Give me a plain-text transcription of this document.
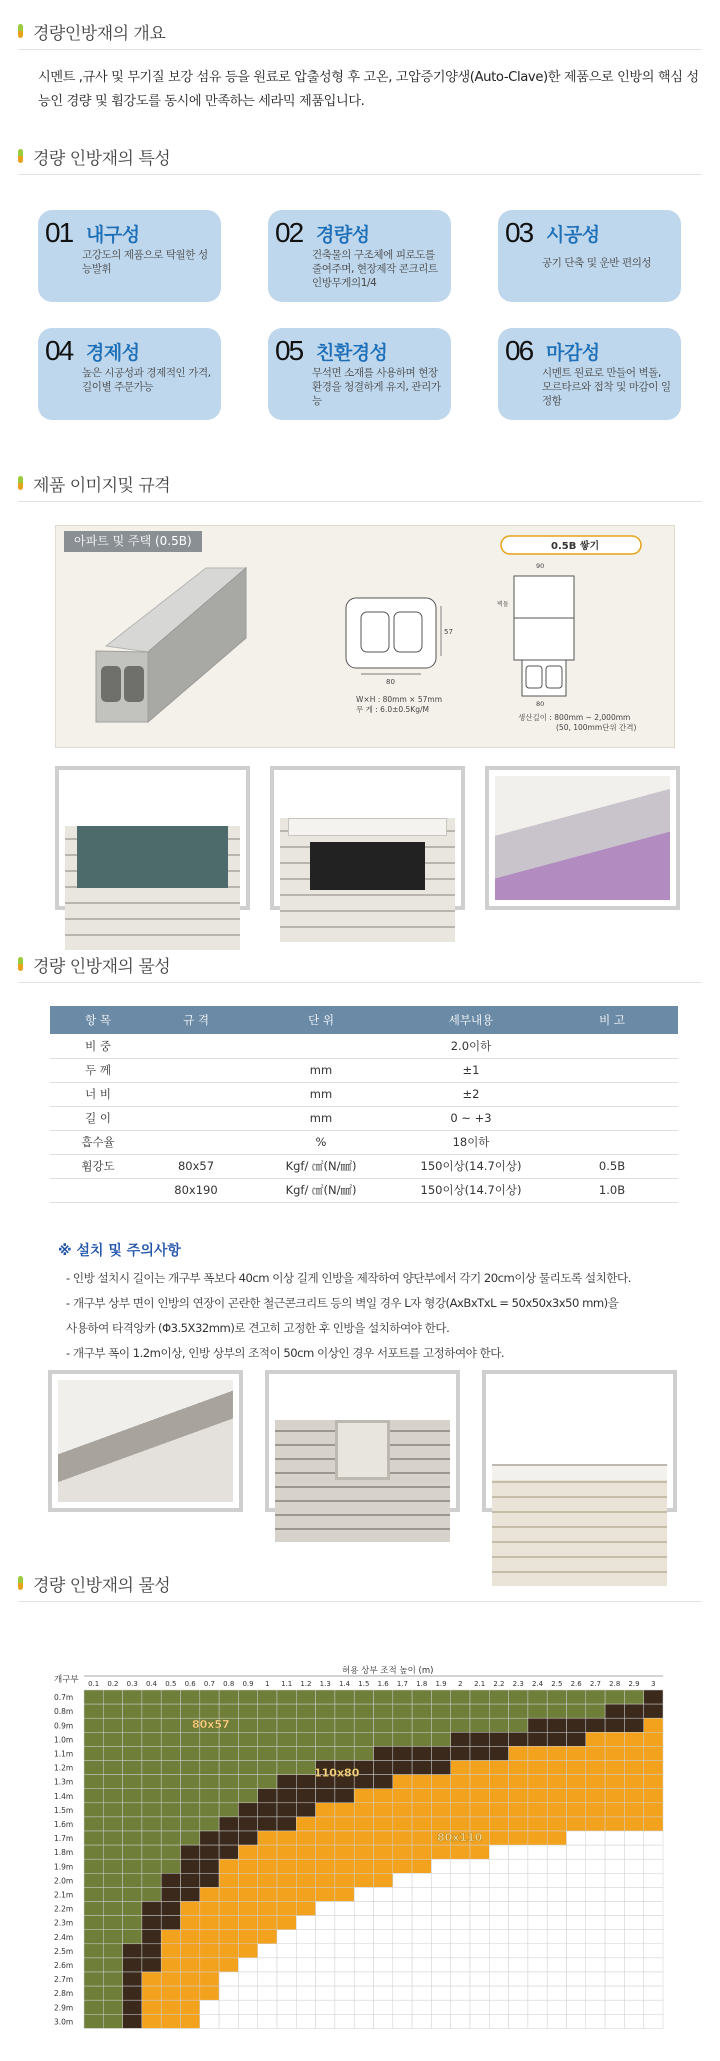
경량인방재의 개요
시멘트 ,규사 및 무기질 보강 섬유 등을 원료로 압출성형 후 고온, 고압증기양생(Auto-Clave)한 제품으로 인방의 핵심 성능인 경량 및 휨강도를 동시에 만족하는 세라믹 제품입니다.
경량 인방재의 특성
01 내구성
고강도의 제품으로 탁월한 성능발휘
02 경량성
건축물의 구조체에 피로도를 줄여주며, 현장제작 콘크리트 인방무게의1/4
03 시공성
공기 단축 및 운반 편의성
04 경제성
높은 시공성과 경제적인 가격, 길이별 주문가능
05 친환경성
무석면 소재를 사용하며 현장환경을 청결하게 유지, 관리가능
06 마감성
시멘트 원료로 만들어 벽돌, 모르타르와 접착 및 마감이 일정함
제품 이미지및 규격
아파트 및 주택 (0.5B)
80
57
W×H : 80mm × 57mm
무 게 : 6.0±0.5Kg/M
0.5B 쌓기
90
벽돌
80
생산길이 : 800mm ~ 2,000mm
(50, 100mm단위 간격)
경량 인방재의 물성
항 목	규 격	단 위	세부내용	비 고
비 중			2.0이하	
두 께		mm	±1	
너 비		mm	±2	
길 이		mm	0 ~ +3	
흡수율		%	18이하	
휨강도	80x57	Kgf/ ㎠(N/㎟)	150이상(14.7이상)	0.5B
	80x190	Kgf/ ㎠(N/㎟)	150이상(14.7이상)	1.0B
※ 설치 및 주의사항
- 인방 설치시 길이는 개구부 폭보다 40cm 이상 길게 인방을 제작하여 양단부에서 각기 20cm이상 물리도록 설치한다.
- 개구부 상부 면이 인방의 연장이 곤란한 철근콘크리트 등의 벽일 경우 L자 형강(AxBxTxL = 50x50x3x50 mm)을
사용하여 타격앙카 (Φ3.5X32mm)로 견고히 고정한 후 인방을 설치하여야 한다.
- 개구부 폭이 1.2m이상, 인방 상부의 조적이 50cm 이상인 경우 서포트를 고정하여야 한다.
경량 인방재의 물성
개구부
허용 상부 조적 높이 (m)
0.1 0.2 0.3 0.4 0.5 0.6 0.7 0.8 0.9 1 1.1 1.2 1.3 1.4 1.5 1.6 1.7 1.8 1.9 2 2.1 2.2 2.3 2.4 2.5 2.6 2.7 2.8 2.9 3
0.7m
0.8m
0.9m
1.0m
1.1m
1.2m
1.3m
1.4m
1.5m
1.6m
1.7m
1.8m
1.9m
2.0m
2.1m
2.2m
2.3m
2.4m
2.5m
2.6m
2.7m
2.8m
2.9m
3.0m
80x57
110x80
80x110
